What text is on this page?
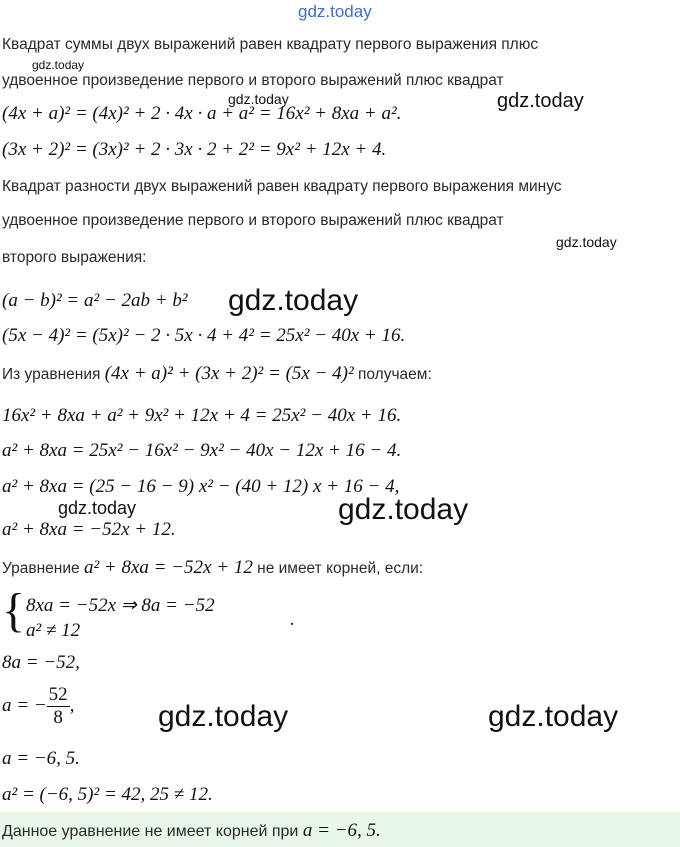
gdz.today
gdz.today
gdz.today	gdz.today
gdz.today
gdz.today
gdz.today	gdz.today
gdz.today	gdz.today
Квадрат суммы двух выражений равен квадрату первого выражения плюс
удвоенное произведение первого и второго выражений плюс квадрат
(4x + a)² = (4x)² + 2 · 4x · a + a² = 16x² + 8xa + a².
(3x + 2)² = (3x)² + 2 · 3x · 2 + 2² = 9x² + 12x + 4.
Квадрат разности двух выражений равен квадрату первого выражения минус
удвоенное произведение первого и второго выражений плюс квадрат
второго выражения:
(a − b)² = a² − 2ab + b²
(5x − 4)² = (5x)² − 2 · 5x · 4 + 4² = 25x² − 40x + 16.
Из уравнения (4x + a)² + (3x + 2)² = (5x − 4)² получаем:
16x² + 8xa + a² + 9x² + 12x + 4 = 25x² − 40x + 16.
a² + 8xa = 25x² − 16x² − 9x² − 40x − 12x + 16 − 4.
a² + 8xa = (25 − 16 − 9) x² − (40 + 12) x + 16 − 4,
a² + 8xa = −52x + 12.
Уравнение a² + 8xa = −52x + 12 не имеет корней, если:
{ 8xa = −52x ⇒ 8a = −52
a² ≠ 12
.
8a = −52,
a = − $\frac{52}{8}$ ,
a = −6, 5.
a² = (−6, 5)² = 42, 25 ≠ 12.
Данное уравнение не имеет корней при a = −6, 5.
